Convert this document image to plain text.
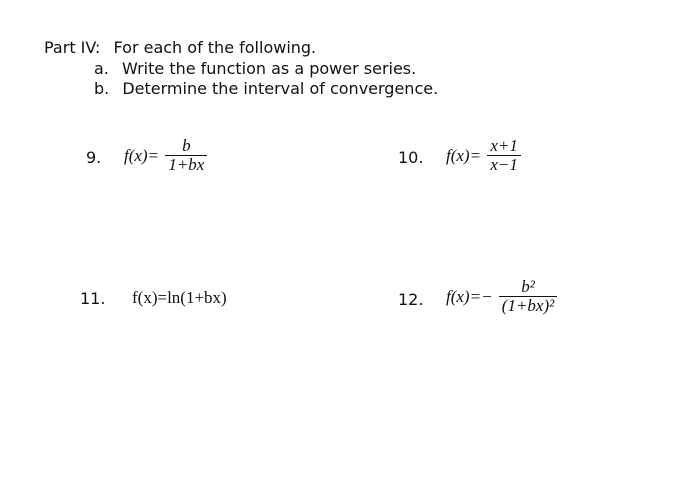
Part IV: For each of the following.
a. Write the function as a power series.
b. Determine the interval of convergence.
9. $f(x)= \frac{b}{1+bx}$	10. $f(x)= \frac{x+1}{x-1}$
11. f(x)=ln(1+bx)	12. $f(x)=- \frac{\text{b²}}{\text{(1+bx)²}}$
